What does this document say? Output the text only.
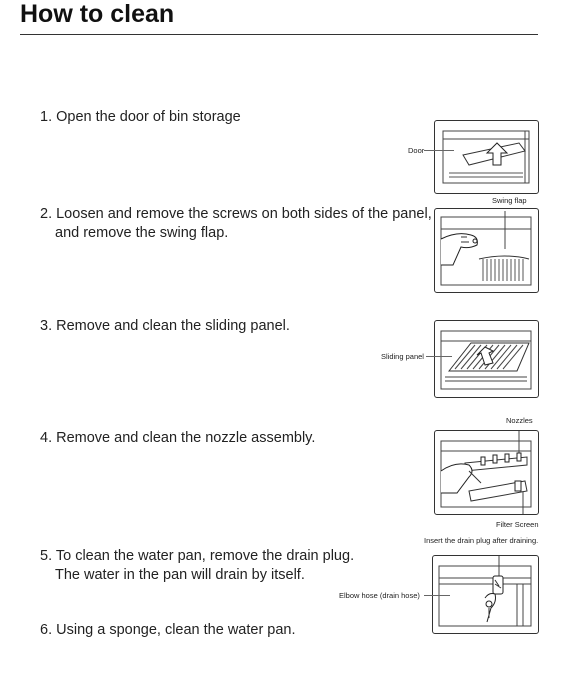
How to clean
1. Open the door of bin storage
2. Loosen and remove the screws on both sides of the panel,
and remove the swing flap.
3. Remove and clean the sliding panel.
4. Remove and clean the nozzle assembly.
5. To clean the water pan, remove the drain plug.
The water in the pan will drain by itself.
6. Using a sponge, clean the water pan.
Door
Swing flap
Sliding panel
Nozzles
Filter Screen
Insert the drain plug after draining.
Elbow hose (drain hose)
